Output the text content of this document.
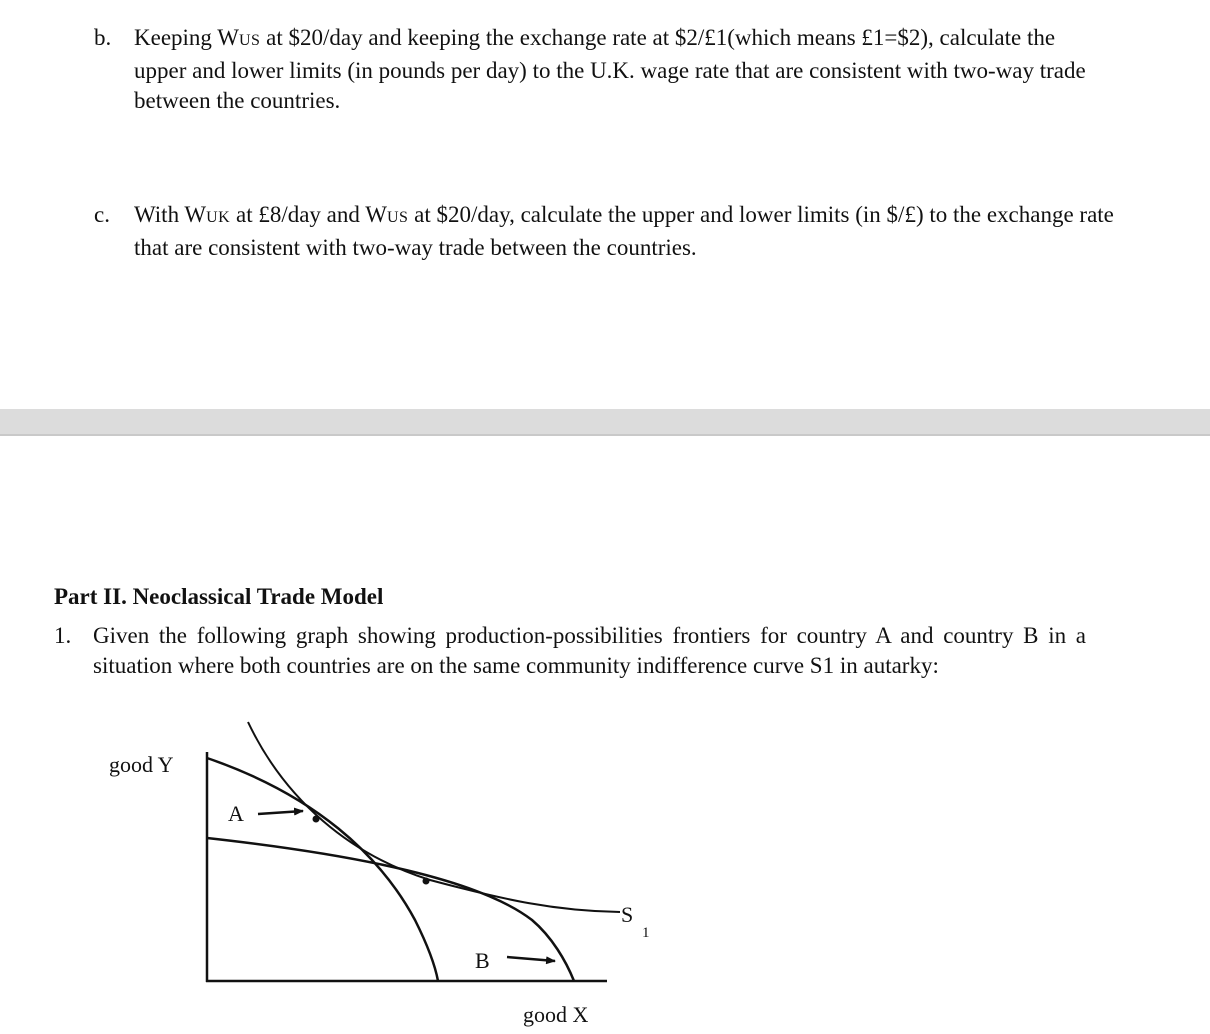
b. Keeping WUS at $20/day and keeping the exchange rate at $2/£1(which means £1=$2), calculate the upper and lower limits (in pounds per day) to the U.K. wage rate that are consistent with two-way trade between the countries.
c. With WUK at £8/day and WUS at $20/day, calculate the upper and lower limits (in $/£) to the exchange rate that are consistent with two-way trade between the countries.
Part II. Neoclassical Trade Model
1. Given the following graph showing production-possibilities frontiers for country A and country B in a situation where both countries are on the same community indifference curve S1 in autarky:
good Y
A
B
S
1
good X
